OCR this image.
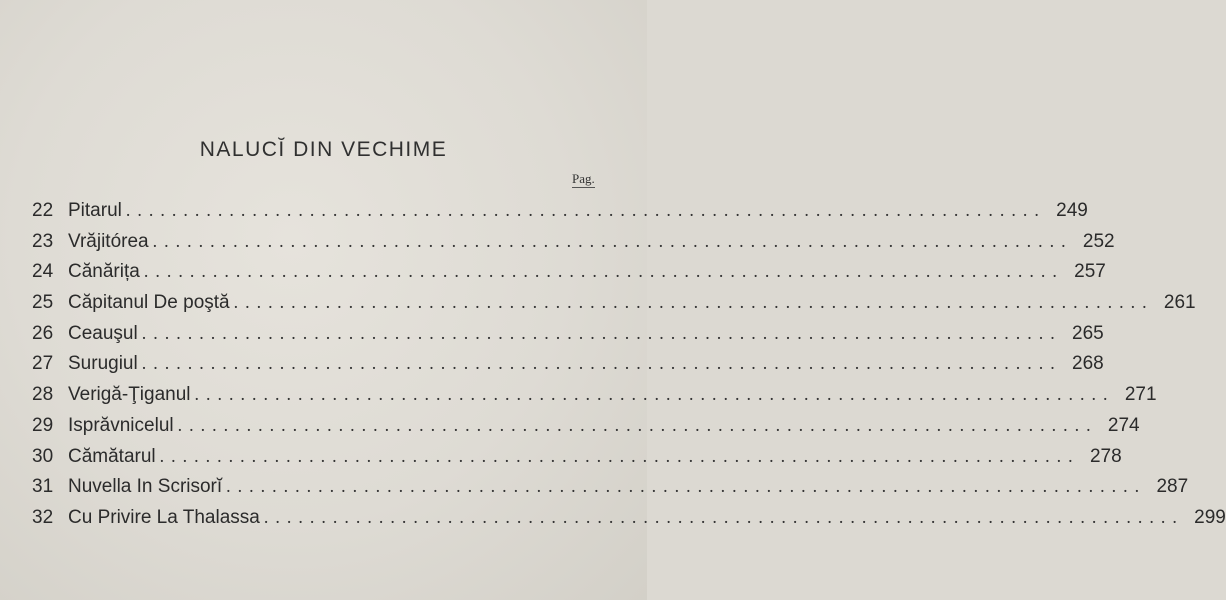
NALUCĬ DIN VECHIME
Pag.
22 Pitarul ................................................................................ 249
23 Vrăjitórea ................................................................................ 252
24 Cănărița ................................................................................ 257
25 Căpitanul De poştă ................................................................................ 261
26 Ceauşul ................................................................................ 265
27 Surugiul ................................................................................ 268
28 Verigă-Ţiganul ................................................................................ 271
29 Isprăvnicelul ................................................................................ 274
30 Cămătarul ................................................................................ 278
31 Nuvella In Scrisorĭ ................................................................................ 287
32 Cu Privire La Thalassa ................................................................................ 299
